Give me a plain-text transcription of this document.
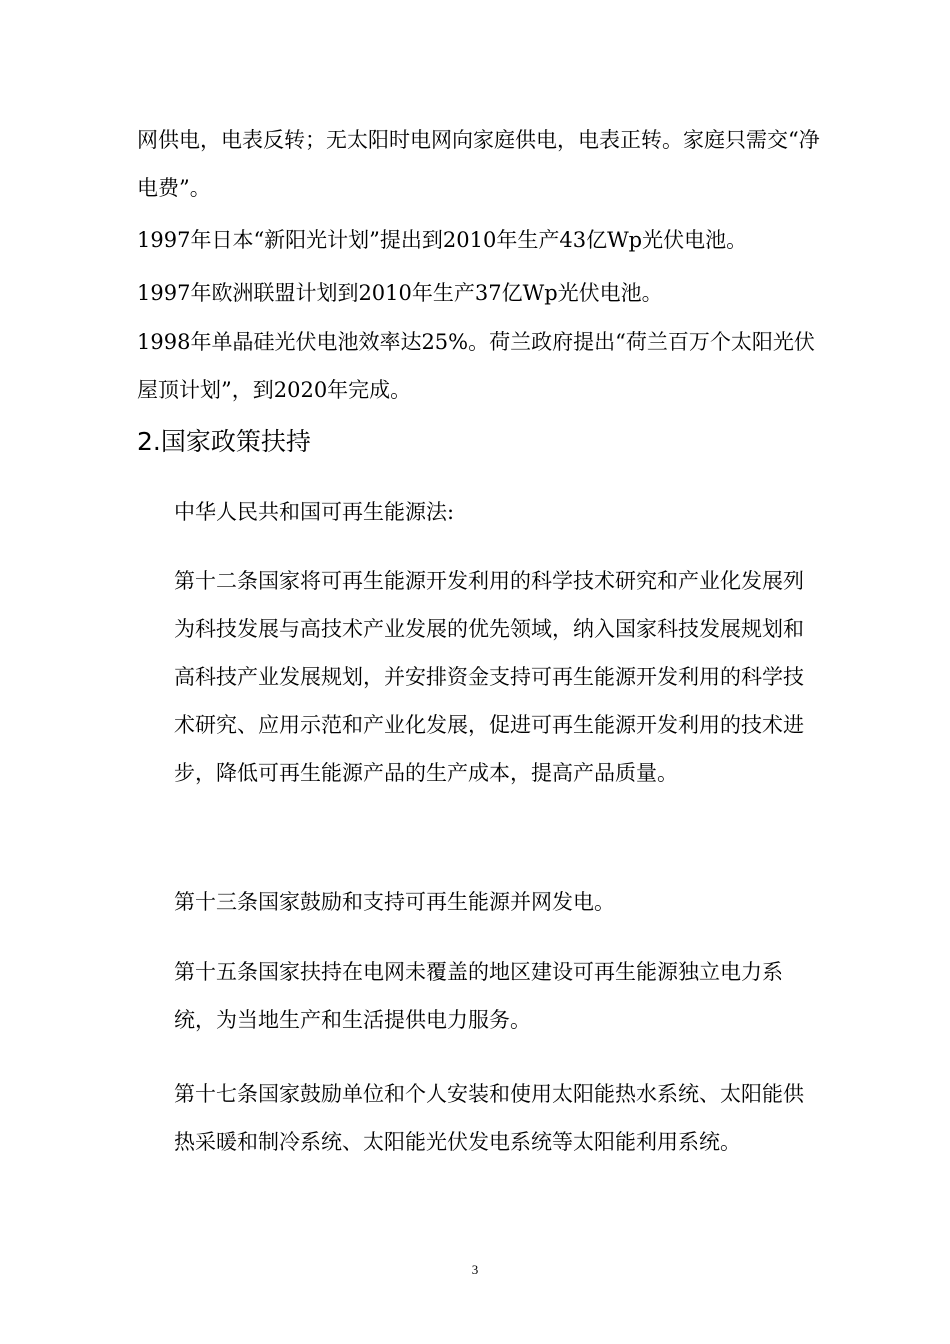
网供电，电表反转；无太阳时电网向家庭供电，电表正转。家庭只需交“净电费”。

1997年日本“新阳光计划”提出到2010年生产43亿Wp光伏电池。

1997年欧洲联盟计划到2010年生产37亿Wp光伏电池。

1998年单晶硅光伏电池效率达25%。荷兰政府提出“荷兰百万个太阳光伏屋顶计划”，到2020年完成。

2.国家政策扶持

中华人民共和国可再生能源法:

第十二条国家将可再生能源开发利用的科学技术研究和产业化发展列为科技发展与高技术产业发展的优先领域，纳入国家科技发展规划和高科技产业发展规划，并安排资金支持可再生能源开发利用的科学技术研究、应用示范和产业化发展，促进可再生能源开发利用的技术进步，降低可再生能源产品的生产成本，提高产品质量。

第十三条国家鼓励和支持可再生能源并网发电。

第十五条国家扶持在电网未覆盖的地区建设可再生能源独立电力系统，为当地生产和生活提供电力服务。

第十七条国家鼓励单位和个人安装和使用太阳能热水系统、太阳能供热采暖和制冷系统、太阳能光伏发电系统等太阳能利用系统。

3
